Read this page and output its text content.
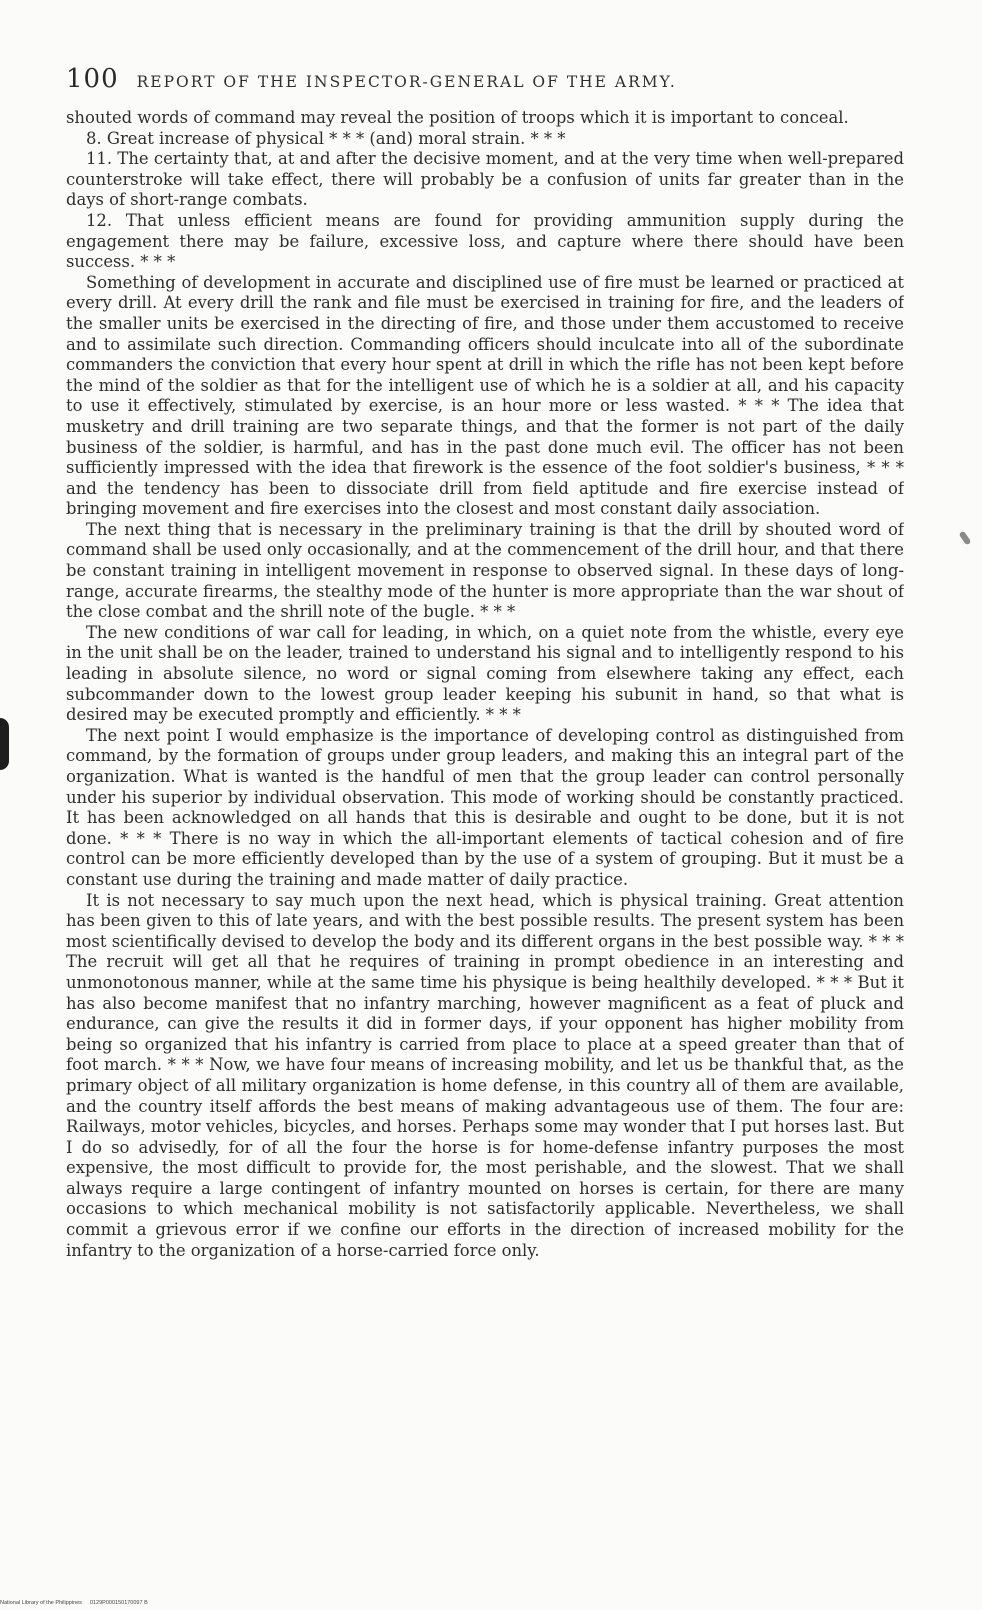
100 REPORT OF THE INSPECTOR-GENERAL OF THE ARMY.

shouted words of command may reveal the position of troops which it is important to conceal.

8. Great increase of physical * * * (and) moral strain. * * *

11. The certainty that, at and after the decisive moment, and at the very time when well-prepared counterstroke will take effect, there will probably be a confusion of units far greater than in the days of short-range combats.

12. That unless efficient means are found for providing ammunition supply during the engagement there may be failure, excessive loss, and capture where there should have been success. * * *

Something of development in accurate and disciplined use of fire must be learned or practiced at every drill. At every drill the rank and file must be exercised in training for fire, and the leaders of the smaller units be exercised in the directing of fire, and those under them accustomed to receive and to assimilate such direction. Commanding officers should inculcate into all of the subordinate commanders the conviction that every hour spent at drill in which the rifle has not been kept before the mind of the soldier as that for the intelligent use of which he is a soldier at all, and his capacity to use it effectively, stimulated by exercise, is an hour more or less wasted. * * * The idea that musketry and drill training are two separate things, and that the former is not part of the daily business of the soldier, is harmful, and has in the past done much evil. The officer has not been sufficiently impressed with the idea that firework is the essence of the foot soldier's business, * * * and the tendency has been to dissociate drill from field aptitude and fire exercise instead of bringing movement and fire exercises into the closest and most constant daily association.

The next thing that is necessary in the preliminary training is that the drill by shouted word of command shall be used only occasionally, and at the commencement of the drill hour, and that there be constant training in intelligent movement in response to observed signal. In these days of long-range, accurate firearms, the stealthy mode of the hunter is more appropriate than the war shout of the close combat and the shrill note of the bugle. * * *

The new conditions of war call for leading, in which, on a quiet note from the whistle, every eye in the unit shall be on the leader, trained to understand his signal and to intelligently respond to his leading in absolute silence, no word or signal coming from elsewhere taking any effect, each subcommander down to the lowest group leader keeping his subunit in hand, so that what is desired may be executed promptly and efficiently. * * *

The next point I would emphasize is the importance of developing control as distinguished from command, by the formation of groups under group leaders, and making this an integral part of the organization. What is wanted is the handful of men that the group leader can control personally under his superior by individual observation. This mode of working should be constantly practiced. It has been acknowledged on all hands that this is desirable and ought to be done, but it is not done. * * * There is no way in which the all-important elements of tactical cohesion and of fire control can be more efficiently developed than by the use of a system of grouping. But it must be a constant use during the training and made matter of daily practice.

It is not necessary to say much upon the next head, which is physical training. Great attention has been given to this of late years, and with the best possible results. The present system has been most scientifically devised to develop the body and its different organs in the best possible way. * * * The recruit will get all that he requires of training in prompt obedience in an interesting and unmonotonous manner, while at the same time his physique is being healthily developed. * * * But it has also become manifest that no infantry marching, however magnificent as a feat of pluck and endurance, can give the results it did in former days, if your opponent has higher mobility from being so organized that his infantry is carried from place to place at a speed greater than that of foot march. * * * Now, we have four means of increasing mobility, and let us be thankful that, as the primary object of all military organization is home defense, in this country all of them are available, and the country itself affords the best means of making advantageous use of them. The four are: Railways, motor vehicles, bicycles, and horses. Perhaps some may wonder that I put horses last. But I do so advisedly, for of all the four the horse is for home-defense infantry purposes the most expensive, the most difficult to provide for, the most perishable, and the slowest. That we shall always require a large contingent of infantry mounted on horses is certain, for there are many occasions to which mechanical mobility is not satisfactorily applicable. Nevertheless, we shall commit a grievous error if we confine our efforts in the direction of increased mobility for the infantry to the organization of a horse-carried force only.

National Library of the Philippines 0129P000150170097 B
